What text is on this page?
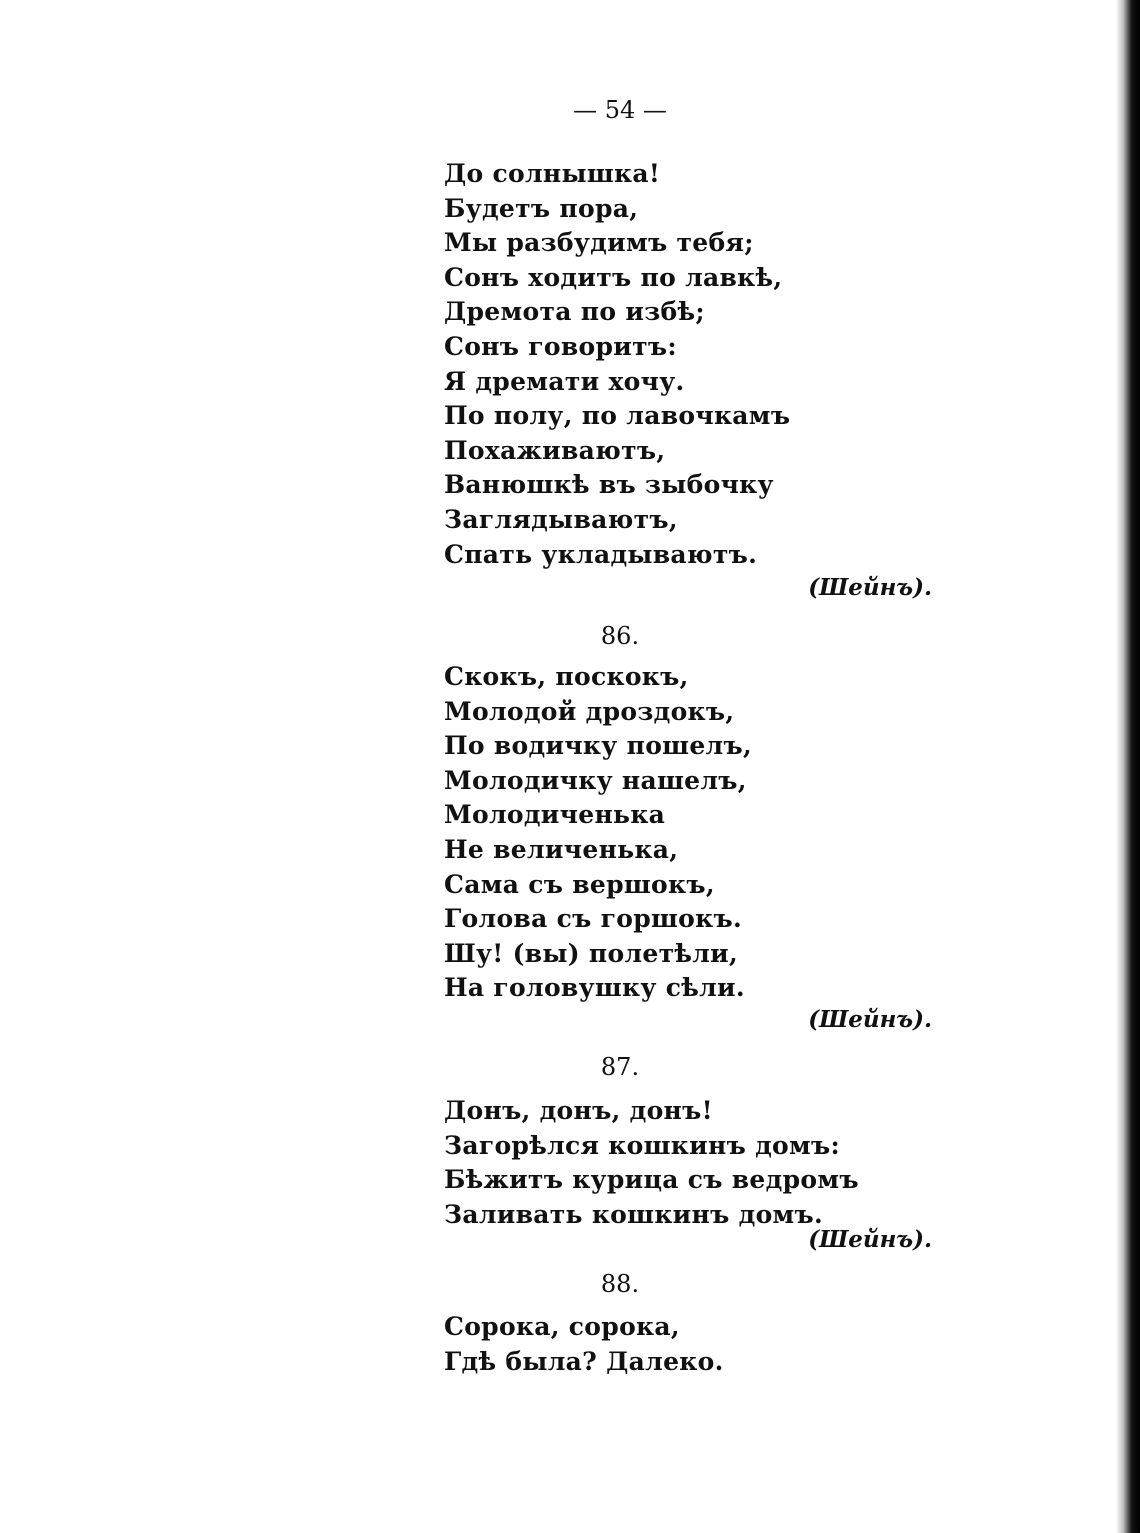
— 54 —
До солнышка!
Будетъ пора,
Мы разбудимъ тебя;
Сонъ ходитъ по лавкѣ,
Дремота по избѣ;
Сонъ говоритъ:
Я дремати хочу.
По полу, по лавочкамъ
Похаживаютъ,
Ванюшкѣ въ зыбочку
Заглядываютъ,
Спать укладываютъ.
(Шейнъ).
86.
Скокъ, поскокъ,
Молодой дроздокъ,
По водичку пошелъ,
Молодичку нашелъ,
Молодиченька
Не величенька,
Сама съ вершокъ,
Голова съ горшокъ.
Шу! (вы) полетѣли,
На головушку сѣли.
(Шейнъ).
87.
Донъ, донъ, донъ!
Загорѣлся кошкинъ домъ:
Бѣжитъ курица съ ведромъ
Заливать кошкинъ домъ.
(Шейнъ).
88.
Сорока, сорока,
Гдѣ была? Далеко.
